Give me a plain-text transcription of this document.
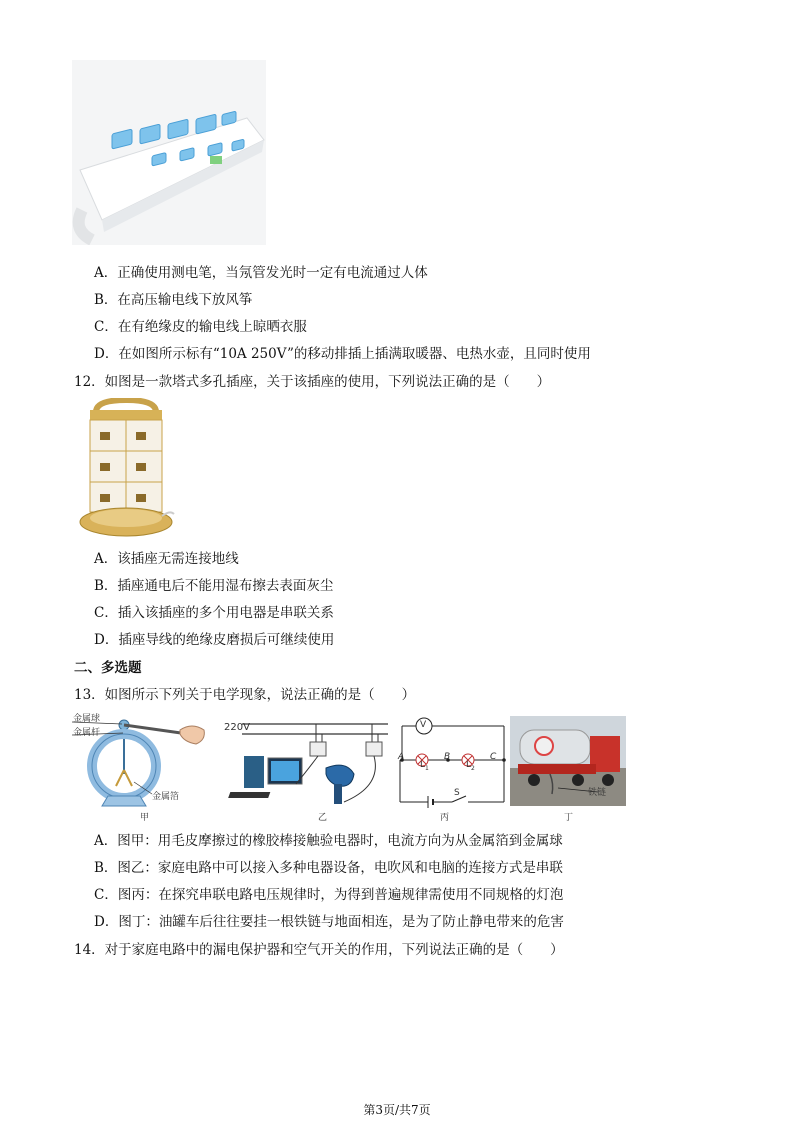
A．正确使用测电笔，当氖管发光时一定有电流通过人体
B．在高压输电线下放风筝
C．在有绝缘皮的输电线上晾晒衣服
D．在如图所示标有“10A 250V”的移动排插上插满取暖器、电热水壶，且同时使用
12．如图是一款塔式多孔插座，关于该插座的使用，下列说法正确的是（　　）
A．该插座无需连接地线
B．插座通电后不能用湿布擦去表面灰尘
C．插入该插座的多个用电器是串联关系
D．插座导线的绝缘皮磨损后可继续使用
二、多选题
13．如图所示下列关于电学现象，说法正确的是（　　）
金属球
金属杆
金属箔
甲
220V
乙
V
A
$L_1$
B
$L_2$
C
S
丙
铁链
丁
A．图甲：用毛皮摩擦过的橡胶棒接触验电器时，电流方向为从金属箔到金属球
B．图乙：家庭电路中可以接入多种电器设备，电吹风和电脑的连接方式是串联
C．图丙：在探究串联电路电压规律时，为得到普遍规律需使用不同规格的灯泡
D．图丁：油罐车后往往要挂一根铁链与地面相连，是为了防止静电带来的危害
14．对于家庭电路中的漏电保护器和空气开关的作用，下列说法正确的是（　　）
第3页/共7页
